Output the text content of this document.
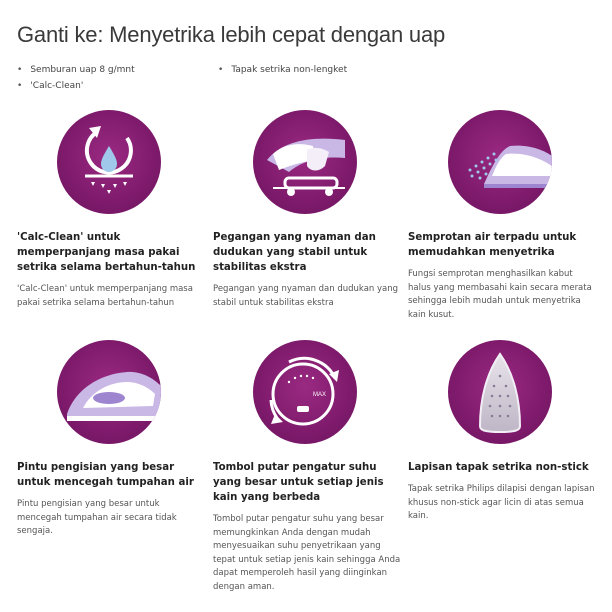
Ganti ke: Menyetrika lebih cepat dengan uap
• Semburan uap 8 g/mnt
• 'Calc-Clean'
• Tapak setrika non-lengket
'Calc-Clean' untuk memperpanjang masa pakai setrika selama bertahun-tahun
'Calc-Clean' untuk memperpanjang masa pakai setrika selama bertahun-tahun
Pegangan yang nyaman dan dudukan yang stabil untuk stabilitas ekstra
Pegangan yang nyaman dan dudukan yang stabil untuk stabilitas ekstra
Semprotan air terpadu untuk memudahkan menyetrika
Fungsi semprotan menghasilkan kabut halus yang membasahi kain secara merata sehingga lebih mudah untuk menyetrika kain kusut.
Pintu pengisian yang besar untuk mencegah tumpahan air
Pintu pengisian yang besar untuk mencegah tumpahan air secara tidak sengaja.
MAX
Tombol putar pengatur suhu yang besar untuk setiap jenis kain yang berbeda
Tombol putar pengatur suhu yang besar memungkinkan Anda dengan mudah menyesuaikan suhu penyetrikaan yang tepat untuk setiap jenis kain sehingga Anda dapat memperoleh hasil yang diinginkan dengan aman.
Lapisan tapak setrika non-stick
Tapak setrika Philips dilapisi dengan lapisan khusus non-stick agar licin di atas semua kain.
